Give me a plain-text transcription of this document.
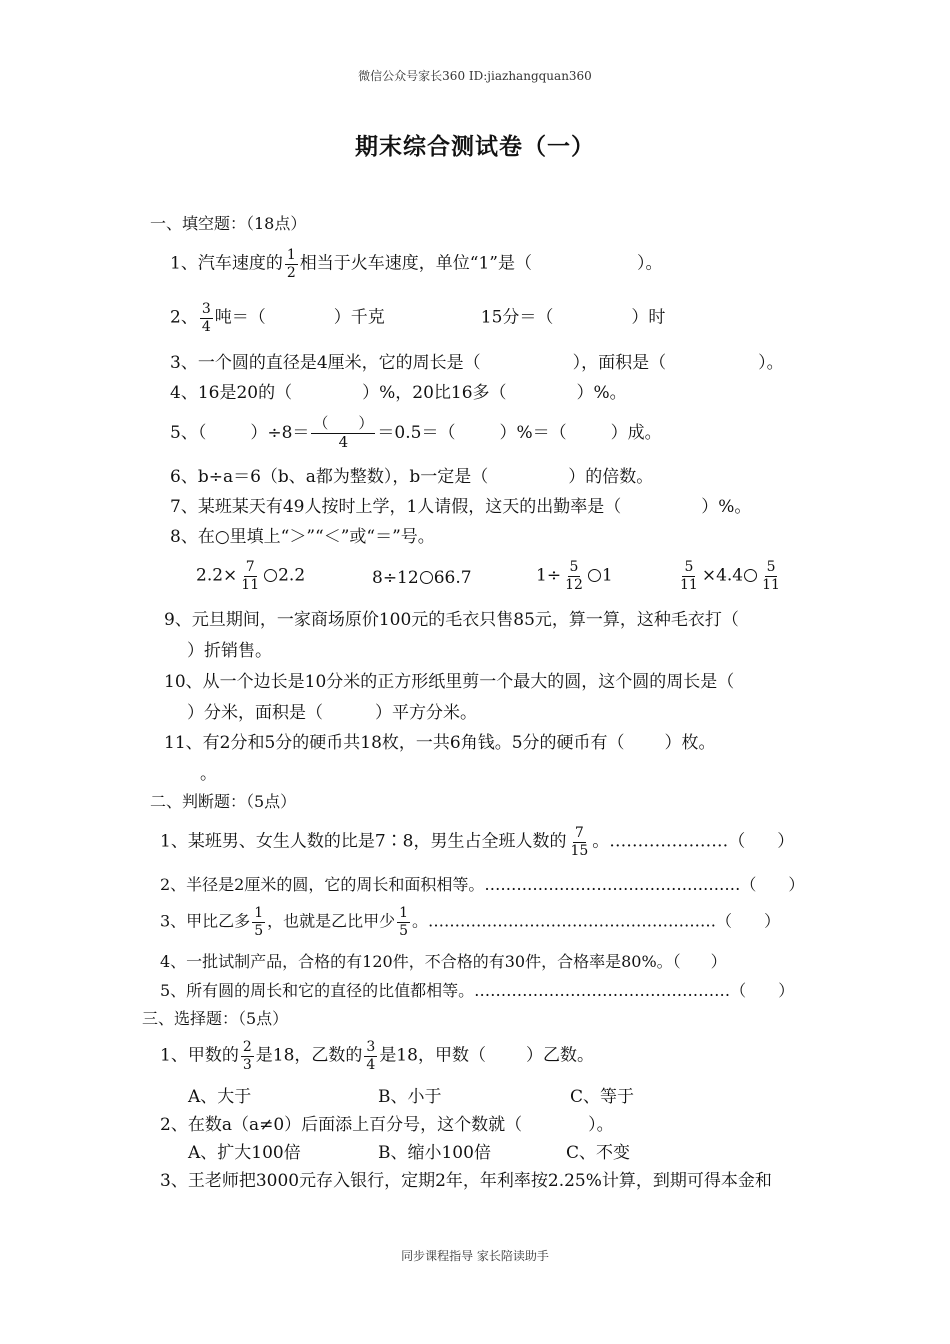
微信公众号家长360 ID:jiazhangquan360
期末综合测试卷（一）
一、填空题：（18点）
1、汽车速度的 $\frac{1}{2}$ 相当于火车速度，单位“1”是（	）。
2、 $\frac{3}{4}$ 吨＝（	）千克	15分＝（	）时
3、一个圆的直径是4厘米，它的周长是（	），面积是（	）。
4、16是20的（	）%，20比16多（	）%。
5、（	）$\div 8= \frac{( )}{4} =0.5=$（	）%＝（	）成。
6、b÷a＝6（b、a都为整数），b一定是（	）的倍数。
7、某班某天有49人按时上学，1人请假，这天的出勤率是（	）%。
8、在○里填上“＞”“＜”或“＝”号。
$2.2\times \frac{7}{11} 2.2$	8÷12 66.7	$1\div \frac{5}{12} 1$	$\frac{5}{11} \times 4.4 \frac{5}{11}$
9、元旦期间，一家商场原价100元的毛衣只售85元，算一算，这种毛衣打（
）折销售。
10、从一个边长是10分米的正方形纸里剪一个最大的圆，这个圆的周长是（
）分米，面积是（	）平方分米。
11、有2分和5分的硬币共18枚，一共6角钱。5分的硬币有（ ）枚。
。
二、判断题：（5点）
1、某班男、女生人数的比是7∶8，男生占全班人数的 $\frac{7}{15}$ 。…………………（ ）
2、半径是2厘米的圆，它的周长和面积相等。…………………………………………（ ）
3、甲比乙多 $\frac{1}{5}$ ，也就是乙比甲少 $\frac{1}{5}$ 。………………………………………………（ ）
4、一批试制产品，合格的有120件，不合格的有30件，合格率是80%。（ ）
5、所有圆的周长和它的直径的比值都相等。…………………………………………（ ）
三、选择题：（5点）
1、甲数的 $\frac{2}{3}$ 是18，乙数的 $\frac{3}{4}$ 是18，甲数（ ）乙数。
A、大于	B、小于	C、等于
2、在数a（a≠0）后面添上百分号，这个数就（	）。
A、扩大100倍	B、缩小100倍	C、不变
3、王老师把3000元存入银行，定期2年，年利率按2.25%计算，到期可得本金和
同步课程指导 家长陪读助手
